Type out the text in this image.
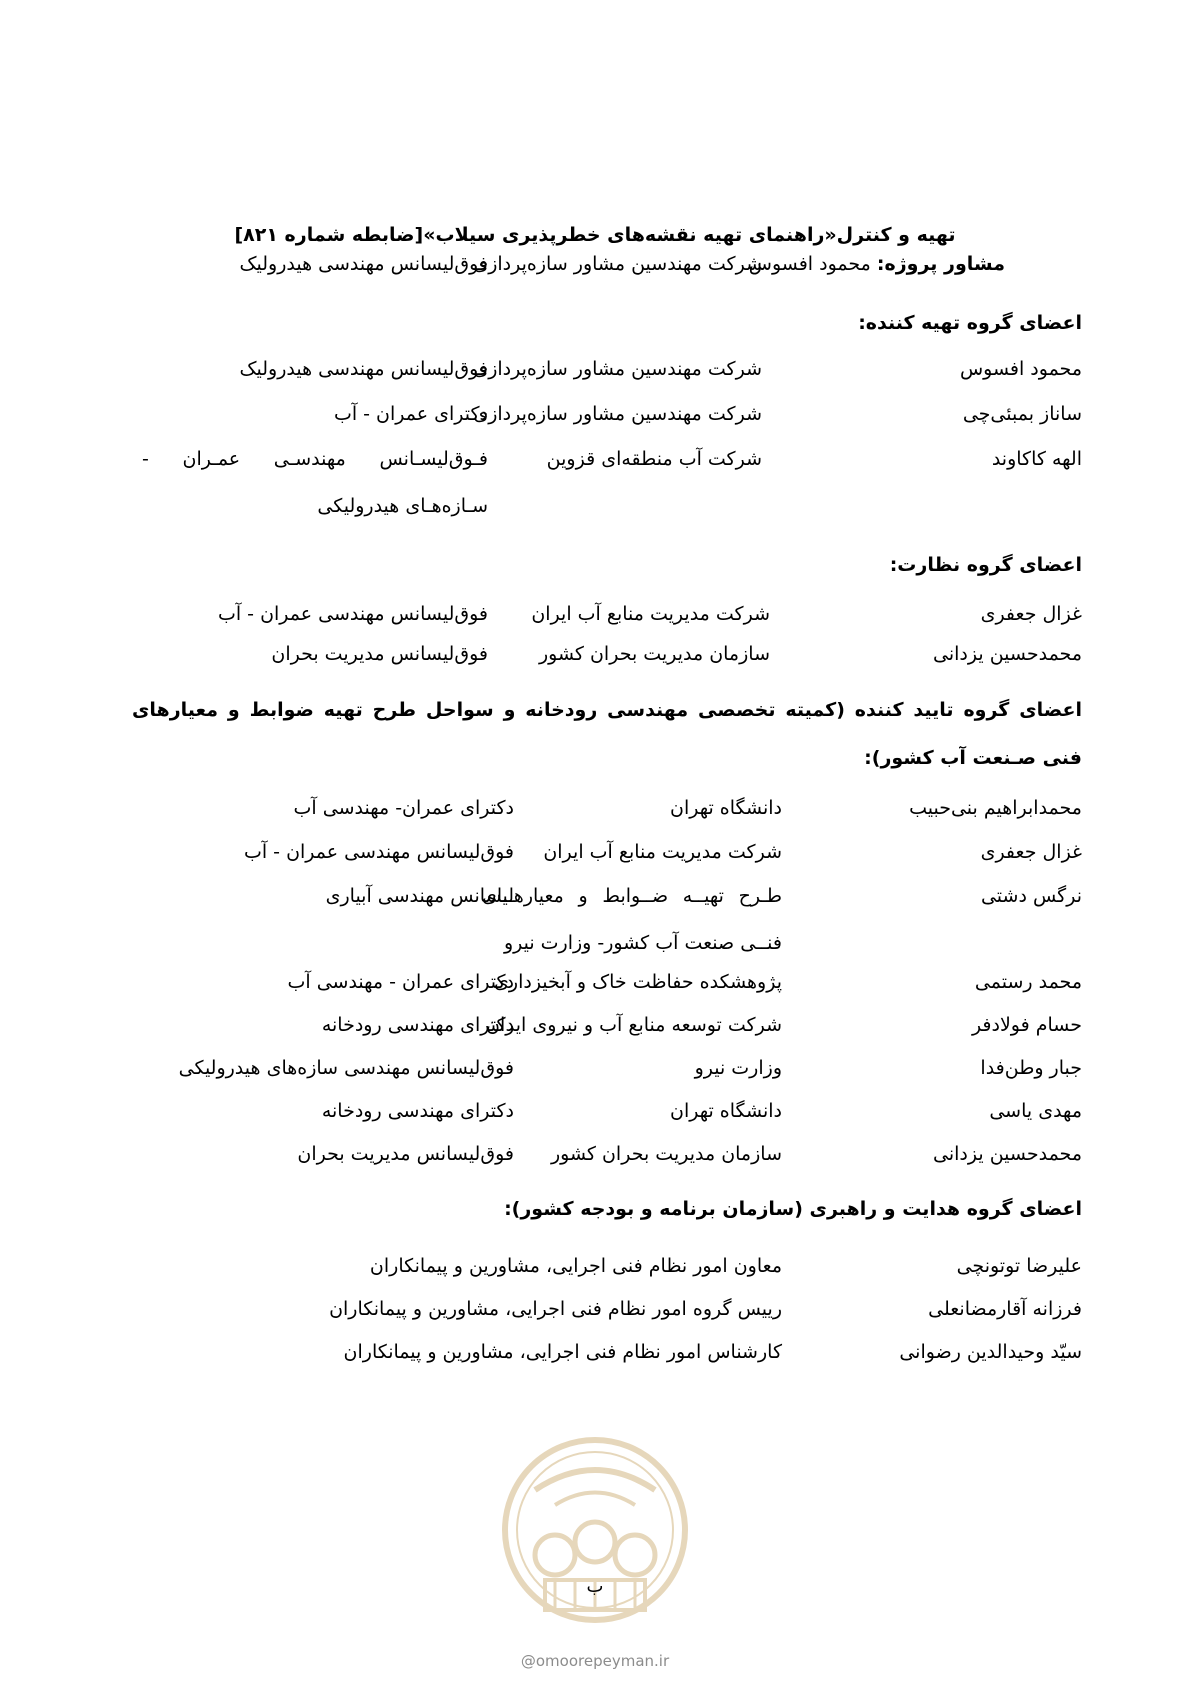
تهیه و کنترل«راهنمای تهیه نقشه‌های خطرپذیری سیلاب»[ضابطه شماره ۸۲۱]
مشاور پروژه: محمود افسوس
شرکت مهندسین مشاور سازه‌پردازی
فوق‌لیسانس مهندسی هیدرولیک
اعضای گروه تهیه کننده:
محمود افسوس
شرکت مهندسین مشاور سازه‌پردازی
فوق‌لیسانس مهندسی هیدرولیک
ساناز بمبئی‌چی
شرکت مهندسین مشاور سازه‌پردازی
دکترای عمران - آب
الهه کاکاوند
شرکت آب منطقه‌ای قزوین
فـوق‌لیسـانس مهندسـی عمـران - سـازه‌هـای هیدرولیکی
اعضای گروه نظارت:
غزال جعفری
شرکت مدیریت منابع آب ایران
فوق‌لیسانس مهندسی عمران - آب
محمدحسین یزدانی
سازمان مدیریت بحران کشور
فوق‌لیسانس مدیریت بحران
اعضای گروه تایید کننده (کمیته تخصصی مهندسی رودخانه و سواحل طرح تهیه ضوابط و معیارهای فنی صـنعت آب کشور):
محمدابراهیم بنی‌حبیب
دانشگاه تهران
دکترای عمران- مهندسی آب
غزال جعفری
شرکت مدیریت منابع آب ایران
فوق‌لیسانس مهندسی عمران - آب
نرگس دشتی
طـرح تهیــه ضــوابط و معیارهــای فنــی صنعت آب کشور- وزارت نیرو
لیسانس مهندسی آبیاری
محمد رستمی
پژوهشکده حفاظت خاک و آبخیزداری
دکترای عمران - مهندسی آب
حسام فولادفر
شرکت توسعه منابع آب و نیروی ایران
دکترای مهندسی رودخانه
جبار وطن‌فدا
وزارت نیرو
فوق‌لیسانس مهندسی سازه‌های هیدرولیکی
مهدی یاسی
دانشگاه تهران
دکترای مهندسی رودخانه
محمدحسین یزدانی
سازمان مدیریت بحران کشور
فوق‌لیسانس مدیریت بحران
اعضای گروه هدایت و راهبری (سازمان برنامه و بودجه کشور):
علیرضا توتونچی
معاون امور نظام فنی اجرایی، مشاورین و پیمانکاران
فرزانه آقارمضانعلی
رییس گروه امور نظام فنی اجرایی، مشاورین و پیمانکاران
سیّد وحیدالدین رضوانی
کارشناس امور نظام فنی اجرایی، مشاورین و پیمانکاران
ب
@omoorepeyman.ir
